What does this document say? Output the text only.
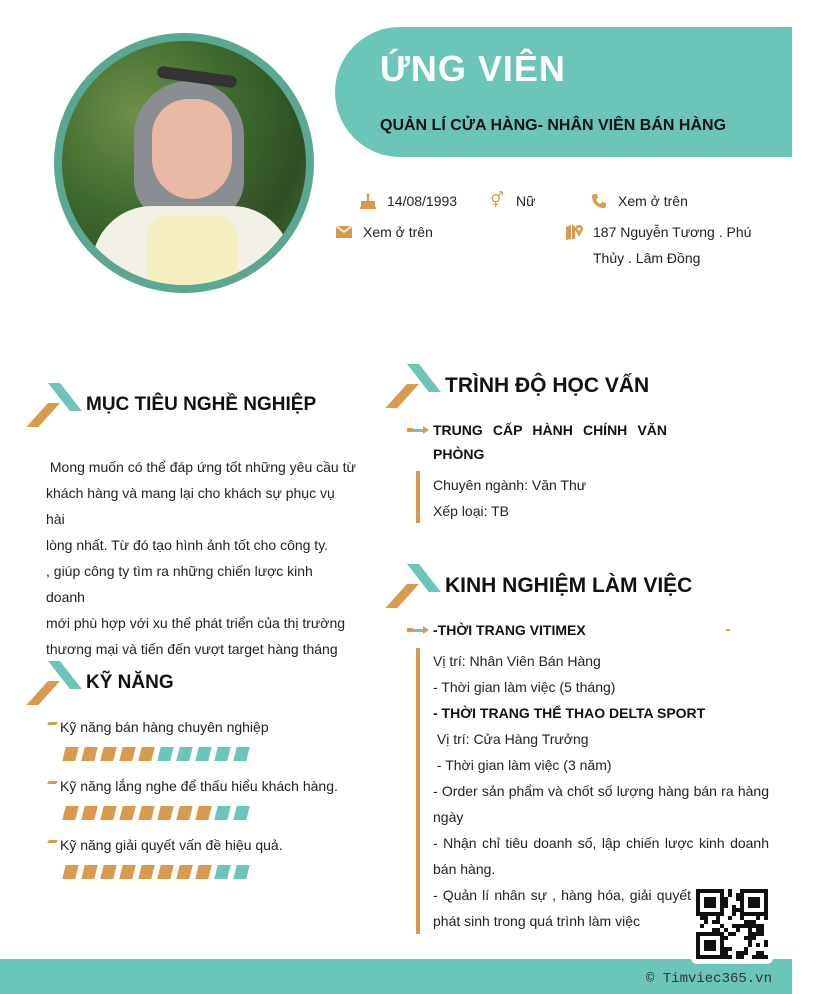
ỨNG VIÊN
QUẢN LÍ CỬA HÀNG- NHÂN VIÊN BÁN HÀNG
14/08/1993 ⚥ Nữ	Xem ở trên
Xem ở trên	187 Nguyễn Tương . Phú
Thủy . Lâm Đồng
MỤC TIÊU NGHỀ NGHIỆP
Mong muốn có thể đáp ứng tốt những yêu cầu từ
khách hàng và mang lại cho khách sự phục vụ hài
lòng nhất. Từ đó tạo hình ảnh tốt cho công ty.
, giúp công ty tìm ra những chiến lược kinh doanh
mới phù hợp với xu thế phát triển của thị trường
thương mại và tiến đến vượt target hàng tháng
KỸ NĂNG
Kỹ năng bán hàng chuyên nghiệp
Kỹ năng lắng nghe để thấu hiểu khách hàng.
Kỹ năng giải quyết vấn đề hiệu quả.
TRÌNH ĐỘ HỌC VẤN
TRUNG CẤP HÀNH CHÍNH VĂN PHÒNG
Chuyên ngành: Văn Thư
Xếp loại: TB
KINH NGHIỆM LÀM VIỆC
-THỜI TRANG VITIMEX
Vị trí: Nhân Viên Bán Hàng
- Thời gian làm việc (5 tháng)
- THỜI TRANG THỂ THAO DELTA SPORT
Vị trí: Cửa Hàng Trưởng
- Thời gian làm việc (3 năm)
- Order sản phẩm và chốt số lượng hàng bán ra hàng ngày
- Nhận chỉ tiêu doanh số, lập chiến lược kinh doanh bán hàng.
- Quản lí nhân sự , hàng hóa, giải quyết
phát sinh trong quá trình làm việc
© Timviec365.vn
